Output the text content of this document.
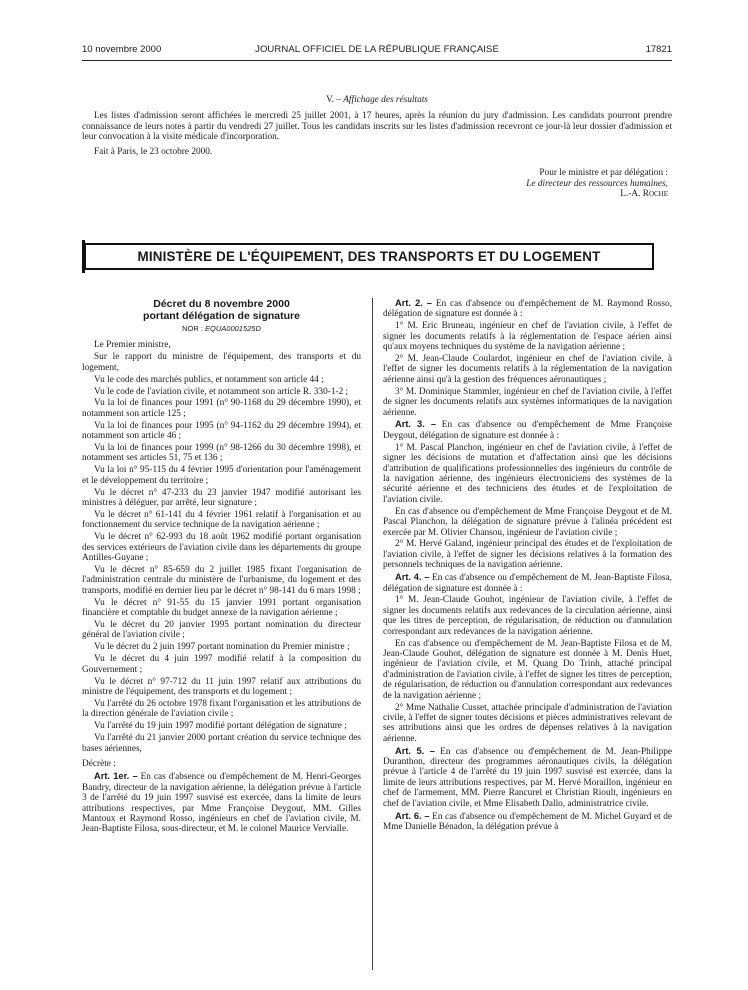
10 novembre 2000	JOURNAL OFFICIEL DE LA RÉPUBLIQUE FRANÇAISE	17821
V. – Affichage des résultats
Les listes d'admission seront affichées le mercredi 25 juillet 2001, à 17 heures, après la réunion du jury d'admission. Les candidats pourront prendre connaissance de leurs notes à partir du vendredi 27 juillet. Tous les candidats inscrits sur les listes d'admission recevront ce jour-là leur dossier d'admission et leur convocation à la visite médicale d'incorporation.
Fait à Paris, le 23 octobre 2000.
Pour le ministre et par délégation :
Le directeur des ressources humaines,
L.-A. Roche
MINISTÈRE DE L'ÉQUIPEMENT, DES TRANSPORTS ET DU LOGEMENT
Décret du 8 novembre 2000
portant délégation de signature
NOR : EQUA0001525D

Le Premier ministre,

Sur le rapport du ministre de l'équipement, des transports et du logement,

Vu le code des marchés publics, et notamment son article 44 ;

Vu le code de l'aviation civile, et notamment son article R. 330-1-2 ;

Vu la loi de finances pour 1991 (n° 90-1168 du 29 décembre 1990), et notamment son article 125 ;

Vu la loi de finances pour 1995 (n° 94-1162 du 29 décembre 1994), et notamment son article 46 ;

Vu la loi de finances pour 1999 (n° 98-1266 du 30 décembre 1998), et notamment ses articles 51, 75 et 136 ;

Vu la loi n° 95-115 du 4 février 1995 d'orientation pour l'aménagement et le développement du territoire ;

Vu le décret n° 47-233 du 23 janvier 1947 modifié autorisant les ministres à déléguer, par arrêté, leur signature ;

Vu le décret n° 61-141 du 4 février 1961 relatif à l'organisation et au fonctionnement du service technique de la navigation aérienne ;

Vu le décret n° 62-993 du 18 août 1962 modifié portant organisation des services extérieurs de l'aviation civile dans les départements du groupe Antilles-Guyane ;

Vu le décret n° 85-659 du 2 juillet 1985 fixant l'organisation de l'administration centrale du ministère de l'urbanisme, du logement et des transports, modifié en dernier lieu par le décret n° 98-141 du 6 mars 1998 ;

Vu le décret n° 91-55 du 15 janvier 1991 portant organisation financière et comptable du budget annexe de la navigation aérienne ;

Vu le décret du 20 janvier 1995 portant nomination du directeur général de l'aviation civile ;

Vu le décret du 2 juin 1997 portant nomination du Premier ministre ;

Vu le décret du 4 juin 1997 modifié relatif à la composition du Gouvernement ;

Vu le décret n° 97-712 du 11 juin 1997 relatif aux attributions du ministre de l'équipement, des transports et du logement ;

Vu l'arrêté du 26 octobre 1978 fixant l'organisation et les attributions de la direction générale de l'aviation civile ;

Vu l'arrêté du 19 juin 1997 modifié portant délégation de signature ;

Vu l'arrêté du 21 janvier 2000 portant création du service technique des bases aériennes,

Décrète :

Art. 1er. – En cas d'absence ou d'empêchement de M. Henri-Georges Baudry, directeur de la navigation aérienne, la délégation prévue à l'article 3 de l'arrêté du 19 juin 1997 susvisé est exercée, dans la limite de leurs attributions respectives, par Mme Françoise Deygout, MM. Gilles Mantoux et Raymond Rosso, ingénieurs en chef de l'aviation civile, M. Jean-Baptiste Filosa, sous-directeur, et M. le colonel Maurice Vervialle.

Art. 2. – En cas d'absence ou d'empêchement de M. Raymond Rosso, délégation de signature est donnée à :

1° M. Eric Bruneau, ingénieur en chef de l'aviation civile, à l'effet de signer les documents relatifs à la réglementation de l'espace aérien ainsi qu'aux moyens techniques du système de la navigation aérienne ;

2° M. Jean-Claude Coulardot, ingénieur en chef de l'aviation civile, à l'effet de signer les documents relatifs à la réglementation de la navigation aérienne ainsi qu'à la gestion des fréquences aéronautiques ;

3° M. Dominique Stammler, ingénieur en chef de l'aviation civile, à l'effet de signer les documents relatifs aux systèmes informatiques de la navigation aérienne.

Art. 3. – En cas d'absence ou d'empêchement de Mme Françoise Deygout, délégation de signature est donnée à :

1° M. Pascal Planchon, ingénieur en chef de l'aviation civile, à l'effet de signer les décisions de mutation et d'affectation ainsi que les décisions d'attribution de qualifications professionnelles des ingénieurs du contrôle de la navigation aérienne, des ingénieurs électroniciens des systèmes de la sécurité aérienne et des techniciens des études et de l'exploitation de l'aviation civile.

En cas d'absence ou d'empêchement de Mme Françoise Deygout et de M. Pascal Planchon, la délégation de signature prévue à l'alinéa précédent est exercée par M. Olivier Chansou, ingénieur de l'aviation civile ;

2° M. Hervé Galand, ingénieur principal des études et de l'exploitation de l'aviation civile, à l'effet de signer les décisions relatives à la formation des personnels techniques de la navigation aérienne.

Art. 4. – En cas d'absence ou d'empêchement de M. Jean-Baptiste Filosa, délégation de signature est donnée à :

1° M. Jean-Claude Gouhot, ingénieur de l'aviation civile, à l'effet de signer les documents relatifs aux redevances de la circulation aérienne, ainsi que les titres de perception, de régularisation, de réduction ou d'annulation correspondant aux redevances de la navigation aérienne.

En cas d'absence ou d'empêchement de M. Jean-Baptiste Filosa et de M. Jean-Claude Gouhot, délégation de signature est donnée à M. Denis Huet, ingénieur de l'aviation civile, et M. Quang Do Trinh, attaché principal d'administration de l'aviation civile, à l'effet de signer les titres de perception, de régularisation, de réduction ou d'annulation correspondant aux redevances de la navigation aérienne ;

2° Mme Nathalie Cusset, attachée principale d'administration de l'aviation civile, à l'effet de signer toutes décisions et pièces administratives relevant de ses attributions ainsi que les ordres de dépenses relatives à la navigation aérienne.

Art. 5. – En cas d'absence ou d'empêchement de M. Jean-Philippe Duranthon, directeur des programmes aéronautiques civils, la délégation prévue à l'article 4 de l'arrêté du 19 juin 1997 susvisé est exercée, dans la limite de leurs attributions respectives, par M. Hervé Moraillon, ingénieur en chef de l'armement, MM. Pierre Rancurel et Christian Rioult, ingénieurs en chef de l'aviation civile, et Mme Elisabeth Dallo, administratrice civile.

Art. 6. – En cas d'absence ou d'empêchement de M. Michel Guyard et de Mme Danielle Bénadon, la délégation prévue à
